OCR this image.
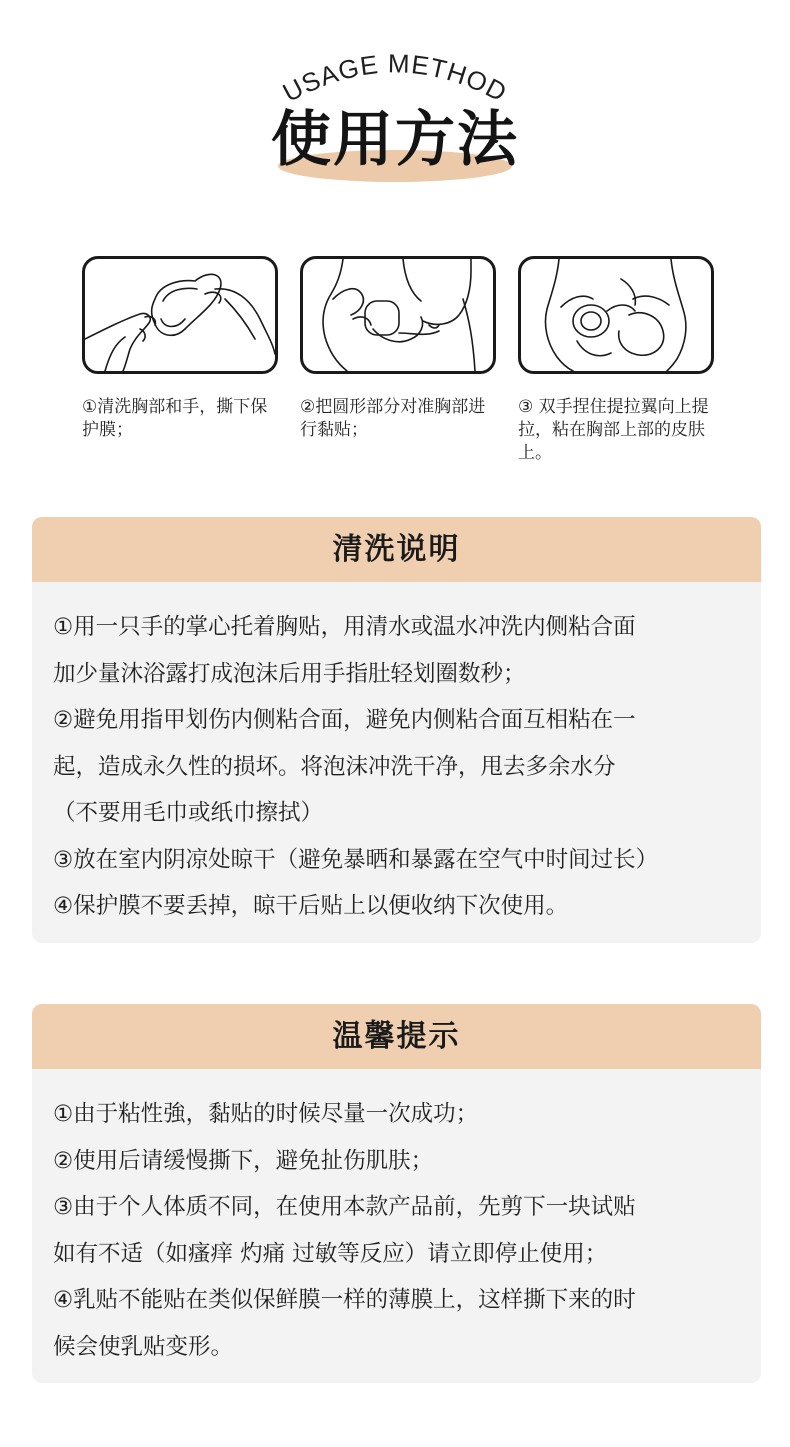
USAGE METHOD
使用方法
①清洗胸部和手，撕下保护膜；
②把圆形部分对准胸部进行黏贴；
③ 双手捏住提拉翼向上提拉，粘在胸部上部的皮肤上。
清洗说明
①用一只手的掌心托着胸贴，用清水或温水冲洗内侧粘合面
加少量沐浴露打成泡沫后用手指肚轻划圈数秒；
②避免用指甲划伤内侧粘合面，避免内侧粘合面互相粘在一
起，造成永久性的损坏。将泡沫冲洗干净，甩去多余水分
（不要用毛巾或纸巾擦拭）
③放在室内阴凉处晾干（避免暴晒和暴露在空气中时间过长）
④保护膜不要丢掉，晾干后贴上以便收纳下次使用。
温馨提示
①由于粘性強，黏贴的时候尽量一次成功；
②使用后请缓慢撕下，避免扯伤肌肤；
③由于个人体质不同，在使用本款产品前，先剪下一块试贴
如有不适（如瘙痒 灼痛 过敏等反应）请立即停止使用；
④乳贴不能贴在类似保鲜膜一样的薄膜上，这样撕下来的时
候会使乳贴变形。
